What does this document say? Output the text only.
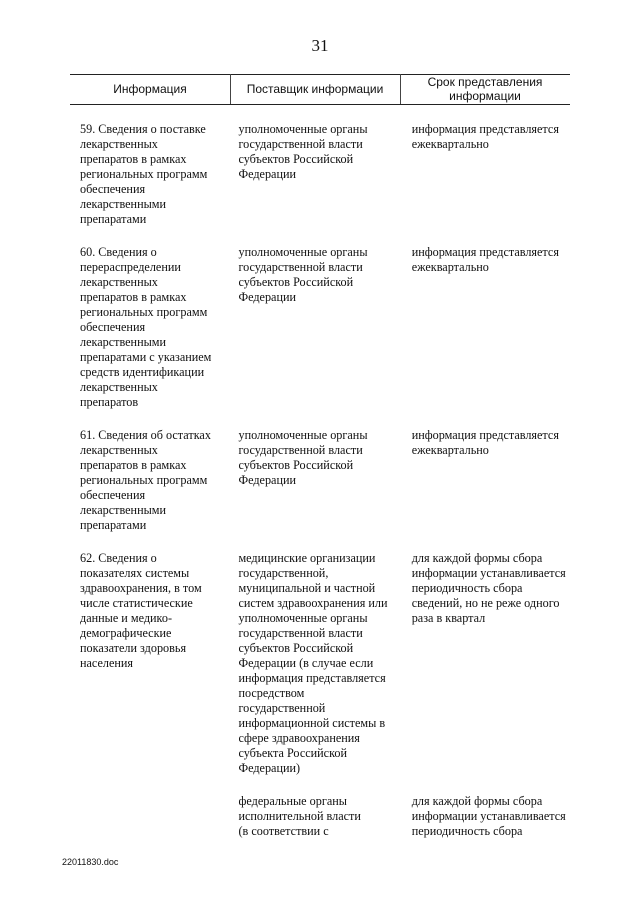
31
Информация	Поставщик информации	Срок представления
информации
59. Сведения о поставке
лекарственных
препаратов в рамках
региональных программ
обеспечения
лекарственными
препаратами
уполномоченные органы
государственной власти
субъектов Российской
Федерации
информация представляется
ежеквартально
60. Сведения о
перераспределении
лекарственных
препаратов в рамках
региональных программ
обеспечения
лекарственными
препаратами с указанием
средств идентификации
лекарственных
препаратов
уполномоченные органы
государственной власти
субъектов Российской
Федерации
информация представляется
ежеквартально
61. Сведения об остатках
лекарственных
препаратов в рамках
региональных программ
обеспечения
лекарственными
препаратами
уполномоченные органы
государственной власти
субъектов Российской
Федерации
информация представляется
ежеквартально
62. Сведения о
показателях системы
здравоохранения, в том
числе статистические
данные и медико-
демографические
показатели здоровья
населения
медицинские организации
государственной,
муниципальной и частной
систем здравоохранения или
уполномоченные органы
государственной власти
субъектов Российской
Федерации (в случае если
информация представляется
посредством
государственной
информационной системы в
сфере здравоохранения
субъекта Российской
Федерации)
для каждой формы сбора
информации устанавливается
периодичность сбора
сведений, но не реже одного
раза в квартал
федеральные органы
исполнительной власти
(в соответствии с
для каждой формы сбора
информации устанавливается
периодичность сбора
22011830.doc
